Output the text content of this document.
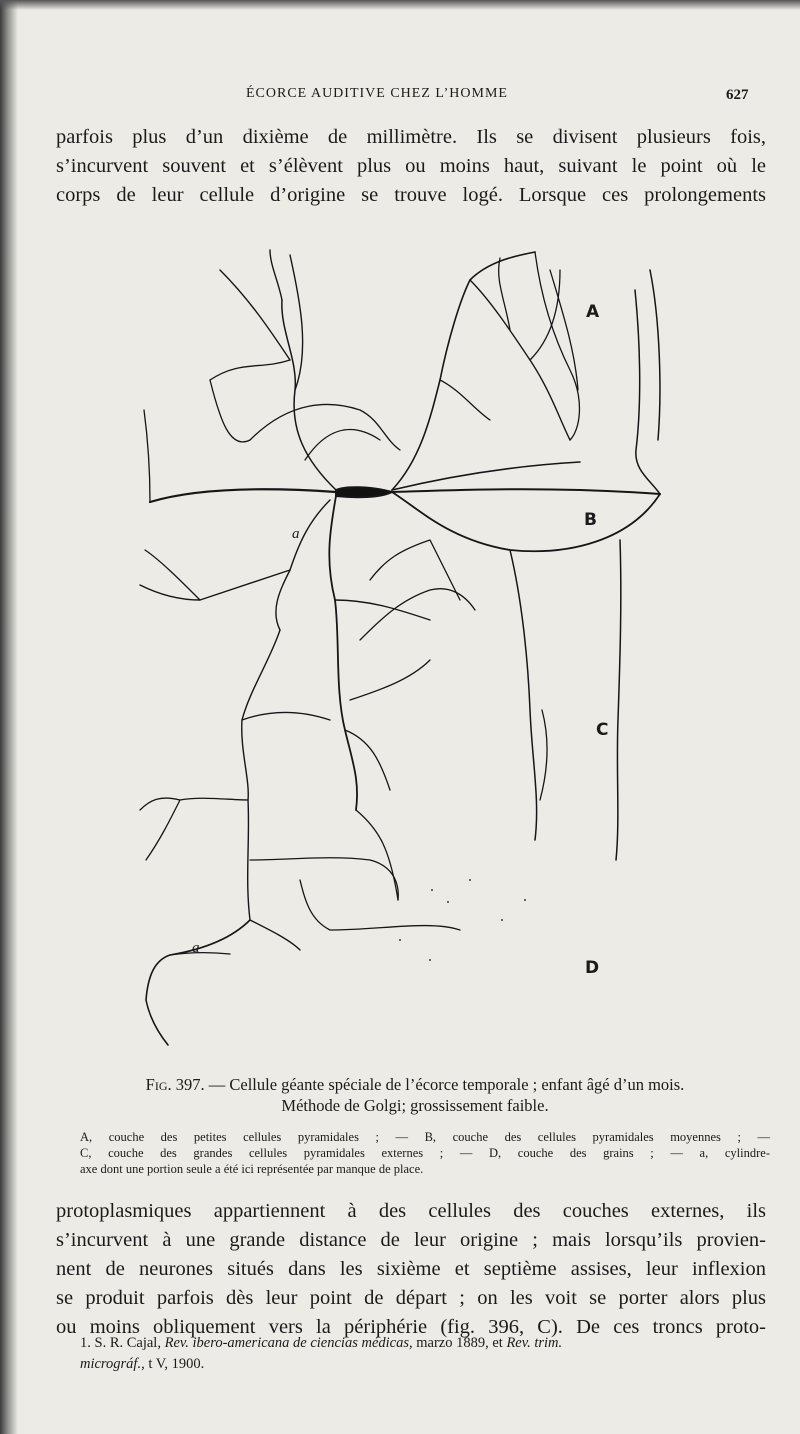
ÉCORCE AUDITIVE CHEZ L’HOMME	627
parfois plus d’un dixième de millimètre. Ils se divisent plusieurs fois,
s’incurvent souvent et s’élèvent plus ou moins haut, suivant le point où le
corps de leur cellule d’origine se trouve logé. Lorsque ces prolongements
A
B
C
D
a
a
Fig. 397. — Cellule géante spéciale de l’écorce temporale ; enfant âgé d’un mois.
Méthode de Golgi; grossissement faible.
A, couche des petites cellules pyramidales ; — B, couche des cellules pyramidales moyennes ; —
C, couche des grandes cellules pyramidales externes ; — D, couche des grains ; — a, cylindre-
axe dont une portion seule a été ici représentée par manque de place.
protoplasmiques appartiennent à des cellules des couches externes, ils
s’incurvent à une grande distance de leur origine ; mais lorsqu’ils provien-
nent de neurones situés dans les sixième et septième assises, leur inflexion
se produit parfois dès leur point de départ ; on les voit se porter alors plus
ou moins obliquement vers la périphérie (fig. 396, C). De ces troncs proto-
1. S. R. Cajal, Rev. ibero-americana de ciencias médicas, marzo 1889, et Rev. trim.
micrográf., t V, 1900.
